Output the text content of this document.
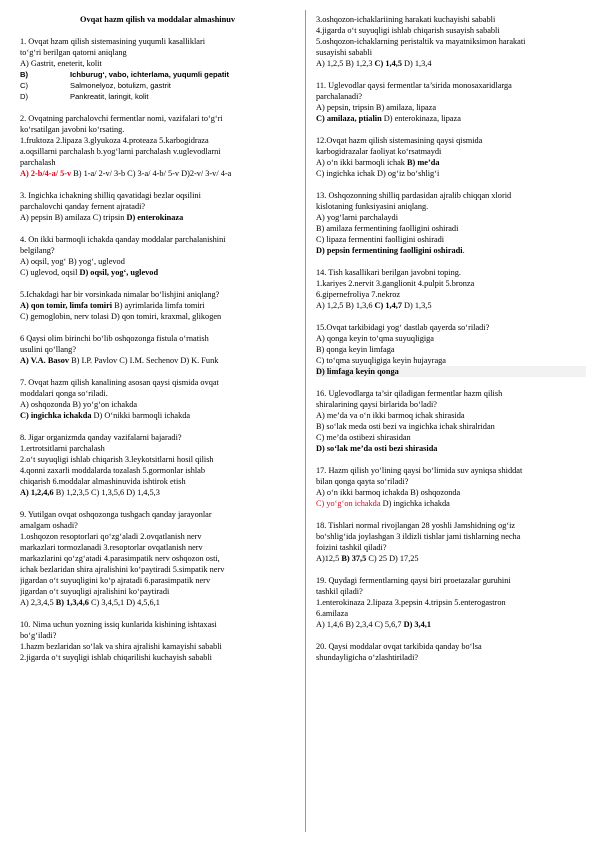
Ovqat hazm qilish va moddalar almashinuv
1. Ovqat hzam qilish sistemasining yuqumli kasalliklari
to‘g‘ri berilgan qatorni aniqlang
A) Gastrit, eneterit, kolit
B)	Ichburug‘, vabo, ichterlama, yuqumli gepatit
C)	Salmonelyoz, botulizm, gastrit
D)	Pankreatit, laringit, kolit
2. Ovqatning parchalovchi fermentlar nomi, vazifalari to‘g‘ri
ko‘rsatilgan javobni ko‘rsating.
1.fruktoza 2.lipaza 3.glyukoza 4.proteaza 5.karbogidraza
a.oqsillarni parchalash b.yog‘larni parchalash v.uglevodlarni
parchalash
A) 2-b/4-a/ 5-v B) 1-a/ 2-v/ 3-b C) 3-a/ 4-b/ 5-v D)2-v/ 3-v/ 4-a
3. Ingichka ichakning shilliq qavatidagi bezlar oqsilini
parchalovchi qanday fernent ajratadi?
A) pepsin B) amilaza C) tripsin D) enterokinaza
4. On ikki barmoqli ichakda qanday moddalar parchalanishini
belgilang?
A) oqsil, yog‘ B) yog‘, uglevod
C) uglevod, oqsil D) oqsil, yog‘, uglevod
5.Ichakdagi har bir vorsinkada nimalar bo‘lishjini aniqlang?
A) qon tomir, limfa tomiri B) ayrimlarida limfa tomiri
C) gemoglobin, nerv tolasi D) qon tomiri, kraxmal, glikogen
6 Qaysi olim birinchi bo‘lib oshqozonga fistula o‘rnatish
usulini qo‘llang?
A) V.A. Basov B) I.P. Pavlov C) I.M. Sechenov D) K. Funk
7. Ovqat hazm qilish kanalining asosan qaysi qismida ovqat
moddalari qonga so‘riladi.
A) oshqozonda B) yo‘g‘on ichakda
C) ingichka ichakda D) O‘nikki barmoqli ichakda
8. Jigar organizmda qanday vazifalarni bajaradi?
1.ertrotsitlarni parchalash
2.o‘t suyuqligi ishlab chiqarish 3.leykotsitlarni hosil qilish
4.qonni zaxarli moddalarda tozalash 5.gormonlar ishlab
chiqarish 6.moddalar almashinuvida ishtirok etish
A) 1,2,4,6 B) 1,2,3,5 C) 1,3,5,6 D) 1,4,5,3
9. Yutilgan ovqat oshqozonga tushgach qanday jarayonlar
amalgam oshadi?
1.oshqozon resoptorlari qo‘zg‘aladi 2.ovqatlanish nerv
markazlari tormozlanadi 3.resoptorlar ovqatlanish nerv
markazlarini qo‘zg‘atadi 4.parasimpatik nerv oshqozon osti,
ichak bezlaridan shira ajralishini ko‘paytiradi 5.simpatik nerv
jigardan o‘t suyuqligini ko‘p ajratadi 6.parasimpatik nerv
jigardan o‘t suyuqligi ajralishini ko‘paytiradi
A) 2,3,4,5 B) 1,3,4,6 C) 3,4,5,1 D) 4,5,6,1
10. Nima uchun yozning issiq kunlarida kishining ishtaxasi
bo‘g‘iladi?
1.hazm bezlaridan so‘lak va shira ajralishi kamayishi sababli
2.jigarda o‘t suyqligi ishlab chiqarilishi kuchayish sababli
3.oshqozon-ichaklariining harakati kuchayishi sababli
4.jigarda o‘t suyuqligi ishlab chiqarish susayish sababli
5.oshqozon-ichaklarning peristaltik va mayatniksimon harakati
susayishi sababli
A) 1,2,5 B) 1,2,3 C) 1,4,5 D) 1,3,4
11. Uglevodlar qaysi fermentlar ta’sirida monosaxaridlarga
parchalanadi?
A) pepsin, tripsin B) amilaza, lipaza
C) amilaza, ptialin D) enterokinaza, lipaza
12.Ovqat hazm qilish sistemasining qaysi qismida
karbogidrazalar faoliyat ko‘rsatmaydi
A) o‘n ikki barmoqli ichak B) me’da
C) ingichka ichak D) og‘iz bo‘shlig‘i
13. Oshqozonning shilliq pardasidan ajralib chiqqan xlorid
kislotaning funksiyasini aniqlang.
A) yog‘larni parchalaydi
B) amilaza fermentining faolligini oshiradi
C) lipaza fermentini faolligini oshiradi
D) pepsin fermentining faolligini oshiradi.
14. Tish kasallikari berilgan javobni toping.
1.kariyes 2.nervit 3.ganglionit 4.pulpit 5.bronza
6.gipernefroliya 7.nekroz
A) 1,2,5 B) 1,3,6 C) 1,4,7 D) 1,3,5
15.Ovqat tarkibidagi yog‘ dastlab qayerda so‘riladi?
A) qonga keyin to‘qma suyuqligiga
B) qonga keyin limfaga
C) to‘qma suyuqligiga keyin hujayraga
D) limfaga keyin qonga
16. Uglevodlarga ta’sir qiladigan fermentlar hazm qilish
shiralarining qaysi birlarida bo‘ladi?
A) me’da va o‘n ikki barmoq ichak shirasida
B) so‘lak meda osti bezi va ingichka ichak shiralridan
C) me’da ostibezi shirasidan
D) so‘lak me’da osti bezi shirasida
17. Hazm qilish yo‘lining qaysi bo‘limida suv ayniqsa shiddat
bilan qonga qayta so‘riladi?
A) o‘n ikki barmoq ichakda B) oshqozonda
C) yo‘g‘on ichakda D) ingichka ichakda
18. Tishlari normal rivojlangan 28 yoshli Jamshidning og‘iz
bo‘shlig‘ida joylashgan 3 ildizli tishlar jami tishlarning necha
foizini tashkil qiladi?
A)12,5 B) 37,5 C) 25 D) 17,25
19. Quydagi fermentlarning qaysi biri proetazalar guruhini
tashkil qiladi?
1.enterokinaza 2.lipaza 3.pepsin 4.tripsin 5.enterogastron
6.amilaza
A) 1,4,6 B) 2,3,4 C) 5,6,7 D) 3,4,1
20. Qaysi moddalar ovqat tarkibida qanday bo‘lsa
shundayligicha o‘zlashtiriladi?
